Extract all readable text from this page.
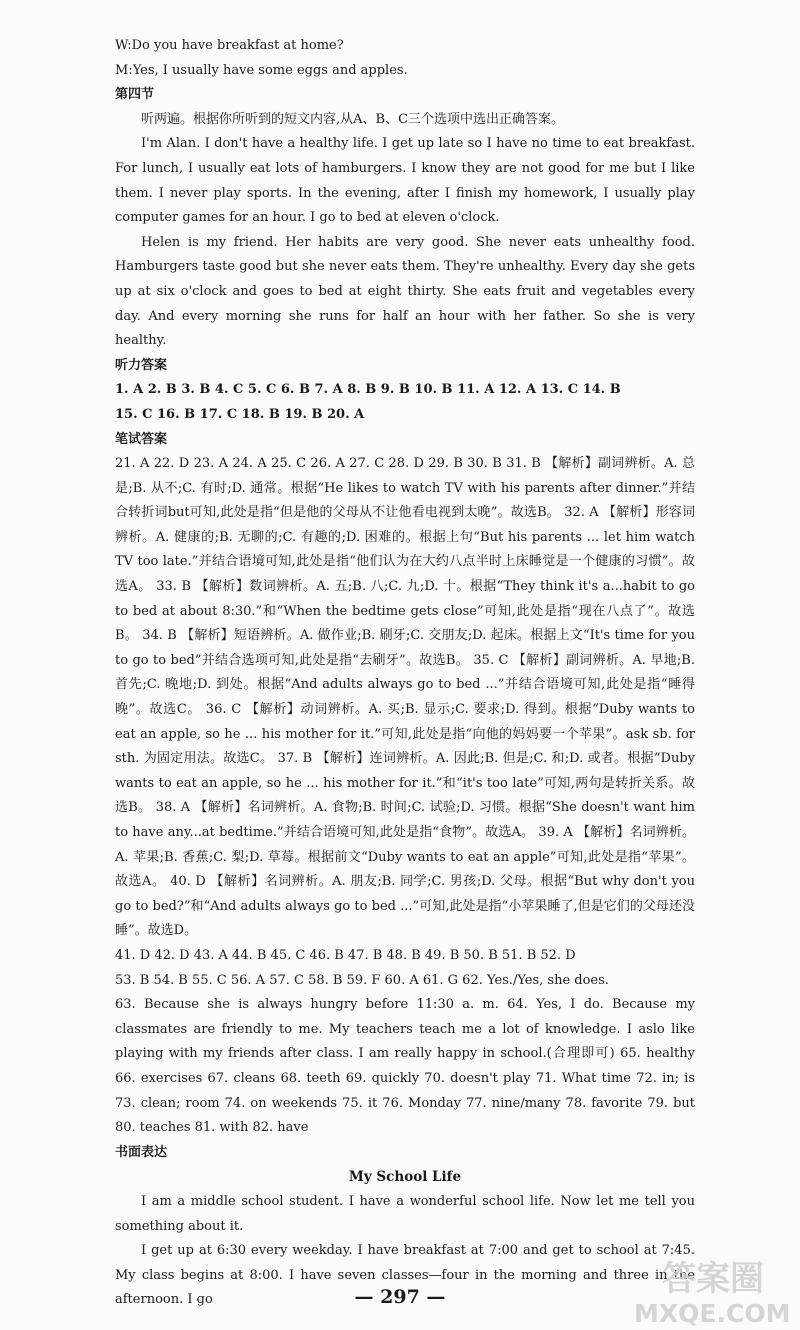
W:Do you have breakfast at home?

M:Yes, I usually have some eggs and apples.

第四节

听两遍。根据你所听到的短文内容,从A、B、C三个选项中选出正确答案。

I'm Alan. I don't have a healthy life. I get up late so I have no time to eat breakfast. For lunch, I usually eat lots of hamburgers. I know they are not good for me but I like them. I never play sports. In the evening, after I finish my homework, I usually play computer games for an hour. I go to bed at eleven o'clock.

Helen is my friend. Her habits are very good. She never eats unhealthy food. Hamburgers taste good but she never eats them. They're unhealthy. Every day she gets up at six o'clock and goes to bed at eight thirty. She eats fruit and vegetables every day. And every morning she runs for half an hour with her father. So she is very healthy.

听力答案

1. A 2. B 3. B 4. C 5. C 6. B 7. A 8. B 9. B 10. B 11. A 12. A 13. C 14. B

15. C 16. B 17. C 18. B 19. B 20. A

笔试答案

21. A 22. D 23. A 24. A 25. C 26. A 27. C 28. D 29. B 30. B 31. B 【解析】副词辨析。A. 总是;B. 从不;C. 有时;D. 通常。根据“He likes to watch TV with his parents after dinner.”并结合转折词but可知,此处是指“但是他的父母从不让他看电视到太晚”。故选B。 32. A 【解析】形容词辨析。A. 健康的;B. 无聊的;C. 有趣的;D. 困难的。根据上句“But his parents ... let him watch TV too late.”并结合语境可知,此处是指“他们认为在大约八点半时上床睡觉是一个健康的习惯”。故选A。 33. B 【解析】数词辨析。A. 五;B. 八;C. 九;D. 十。根据“They think it's a...habit to go to bed at about 8:30.”和“When the bedtime gets close”可知,此处是指“现在八点了”。故选B。 34. B 【解析】短语辨析。A. 做作业;B. 刷牙;C. 交朋友;D. 起床。根据上文“It's time for you to go to bed”并结合选项可知,此处是指“去刷牙”。故选B。 35. C 【解析】副词辨析。A. 早地;B. 首先;C. 晚地;D. 到处。根据“And adults always go to bed ...”并结合语境可知,此处是指“睡得晚”。故选C。 36. C 【解析】动词辨析。A. 买;B. 显示;C. 要求;D. 得到。根据“Duby wants to eat an apple, so he ... his mother for it.”可知,此处是指“向他的妈妈要一个苹果”。ask sb. for sth. 为固定用法。故选C。 37. B 【解析】连词辨析。A. 因此;B. 但是;C. 和;D. 或者。根据“Duby wants to eat an apple, so he ... his mother for it.”和“it's too late”可知,两句是转折关系。故选B。 38. A 【解析】名词辨析。A. 食物;B. 时间;C. 试验;D. 习惯。根据“She doesn't want him to have any...at bedtime.”并结合语境可知,此处是指“食物”。故选A。 39. A 【解析】名词辨析。A. 苹果;B. 香蕉;C. 梨;D. 草莓。根据前文“Duby wants to eat an apple”可知,此处是指“苹果”。故选A。 40. D 【解析】名词辨析。A. 朋友;B. 同学;C. 男孩;D. 父母。根据“But why don't you go to bed?”和“And adults always go to bed ...”可知,此处是指“小苹果睡了,但是它们的父母还没睡”。故选D。

41. D 42. D 43. A 44. B 45. C 46. B 47. B 48. B 49. B 50. B 51. B 52. D

53. B 54. B 55. C 56. A 57. C 58. B 59. F 60. A 61. G 62. Yes./Yes, she does.

63. Because she is always hungry before 11:30 a. m. 64. Yes, I do. Because my classmates are friendly to me. My teachers teach me a lot of knowledge. I aslo like playing with my friends after class. I am really happy in school.(合理即可) 65. healthy 66. exercises 67. cleans 68. teeth 69. quickly 70. doesn't play 71. What time 72. in; is 73. clean; room 74. on weekends 75. it 76. Monday 77. nine/many 78. favorite 79. but 80. teaches 81. with 82. have

书面表达

My School Life

I am a middle school student. I have a wonderful school life. Now let me tell you something about it.

I get up at 6:30 every weekday. I have breakfast at 7:00 and get to school at 7:45. My class begins at 8:00. I have seven classes—four in the morning and three in the afternoon. I go	— 297 —	答案圈
MXQE.COM
